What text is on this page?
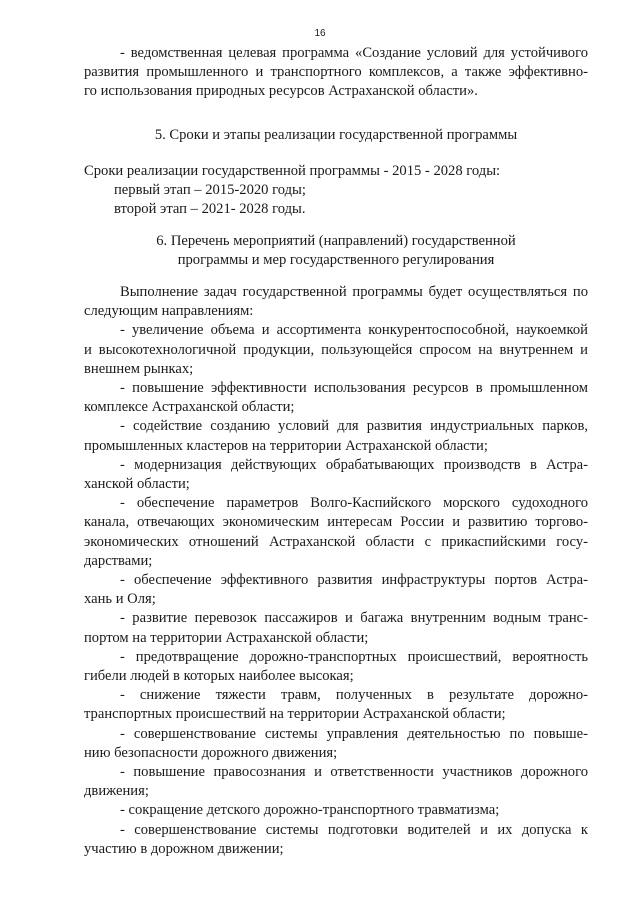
16

- ведомственная целевая программа «Создание условий для устойчивого
развития промышленного и транспортного комплексов, а также эффективно-
го использования природных ресурсов Астраханской области».

5. Сроки и этапы реализации государственной программы

Сроки реализации государственной программы - 2015 - 2028 годы:
первый этап – 2015-2020 годы;
второй этап – 2021- 2028 годы.

6. Перечень мероприятий (направлений) государственной

программы и мер государственного регулирования

Выполнение задач государственной программы будет осуществляться по
следующим направлениям:

- увеличение объема и ассортимента конкурентоспособной, наукоемкой
и высокотехнологичной продукции, пользующейся спросом на внутреннем и
внешнем рынках;

- повышение эффективности использования ресурсов в промышленном
комплексе Астраханской области;

- содействие созданию условий для развития индустриальных парков,
промышленных кластеров на территории Астраханской области;

- модернизация действующих обрабатывающих производств в Астра-
ханской области;

- обеспечение параметров Волго-Каспийского морского судоходного
канала, отвечающих экономическим интересам России и развитию торгово-
экономических отношений Астраханской области с прикаспийскими госу-
дарствами;

- обеспечение эффективного развития инфраструктуры портов Астра-
хань и Оля;

- развитие перевозок пассажиров и багажа внутренним водным транс-
портом на территории Астраханской области;

- предотвращение дорожно-транспортных происшествий, вероятность
гибели людей в которых наиболее высокая;

- снижение тяжести травм, полученных в результате дорожно-
транспортных происшествий на территории Астраханской области;

- совершенствование системы управления деятельностью по повыше-
нию безопасности дорожного движения;

- повышение правосознания и ответственности участников дорожного
движения;

- сокращение детского дорожно-транспортного травматизма;

- совершенствование системы подготовки водителей и их допуска к
участию в дорожном движении;
